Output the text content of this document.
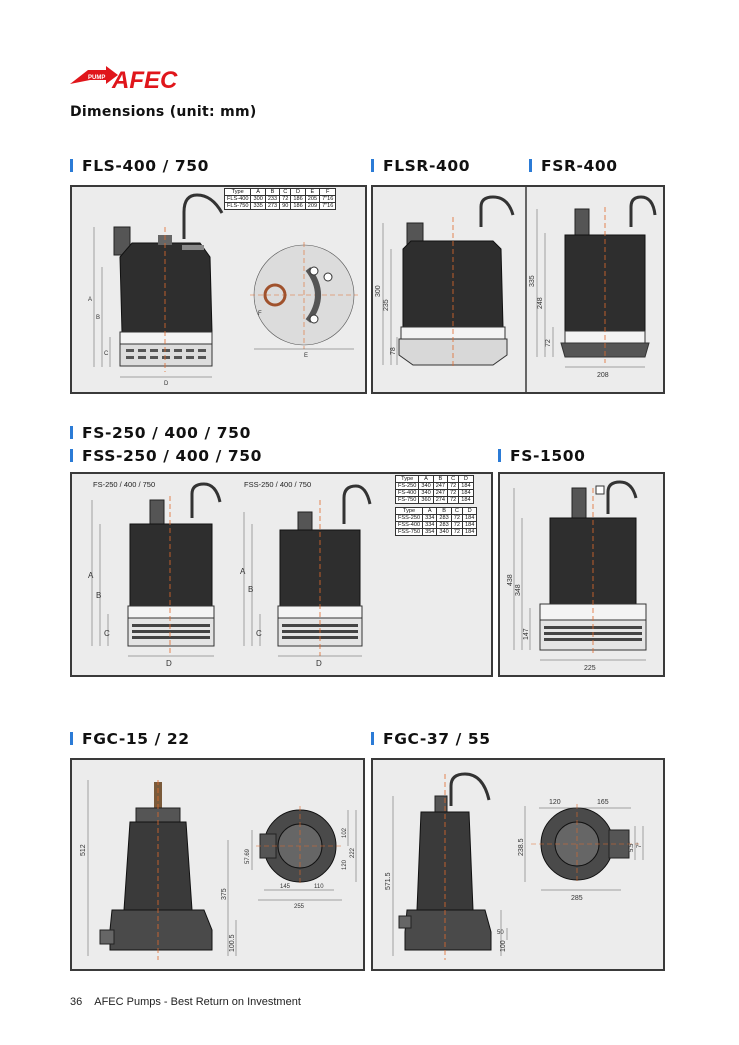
PUMP AFEC
Dimensions (unit: mm)
FLS-400 / 750	FLSR-400	FSR-400
FS-250 / 400 / 750
FSS-250 / 400 / 750	FS-1500
FGC-15 / 22	FGC-37 / 55
Type	A	B	C	D	E	F
FLS-400	300	233	72	186	205	7"16
FLS-750	335	273	90	186	209	7"16
A
B
C
D
E
F
300
235
78
335
248
72
208
FS-250 / 400 / 750	FSS-250 / 400 / 750
Type	A	B	C	D
FS-250	340	247	72	184
FS-400	340	247	72	184
FS-750	360	274	72	184
Type	A	B	C	D
FSS-250	334	283	72	184
FSS-400	334	283	72	184
FSS-750	354	340	72	184
A
B
C
D
A
B
C
D
438
348
147
225
512
375
100.5
57.69
120
102
222
145	110
255
571.5
100
50
238.5
120	165
285
5.5" 7"
36 AFEC Pumps - Best Return on Investment
